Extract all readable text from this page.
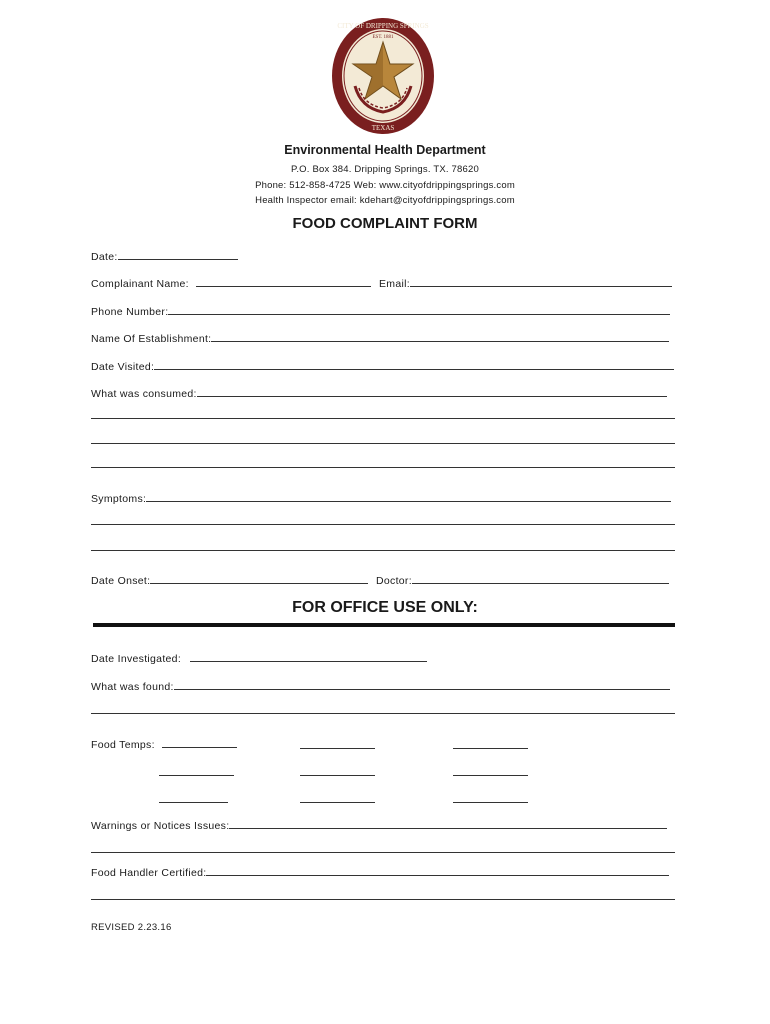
CITY OF DRIPPING SPRINGS
EST. 1881
TEXAS
Environmental Health Department
P.O. Box 384. Dripping Springs. TX. 78620
Phone: 512-858-4725 Web: www.cityofdrippingsprings.com
Health Inspector email: kdehart@cityofdrippingsprings.com
FOOD COMPLAINT FORM
Date:
Complainant Name:	Email:
Phone Number:
Name Of Establishment:
Date Visited:
What was consumed:
Symptoms:
Date Onset:	Doctor:
FOR OFFICE USE ONLY:
Date Investigated:
What was found:
Food Temps:
Warnings or Notices Issues:
Food Handler Certified:
REVISED 2.23.16
